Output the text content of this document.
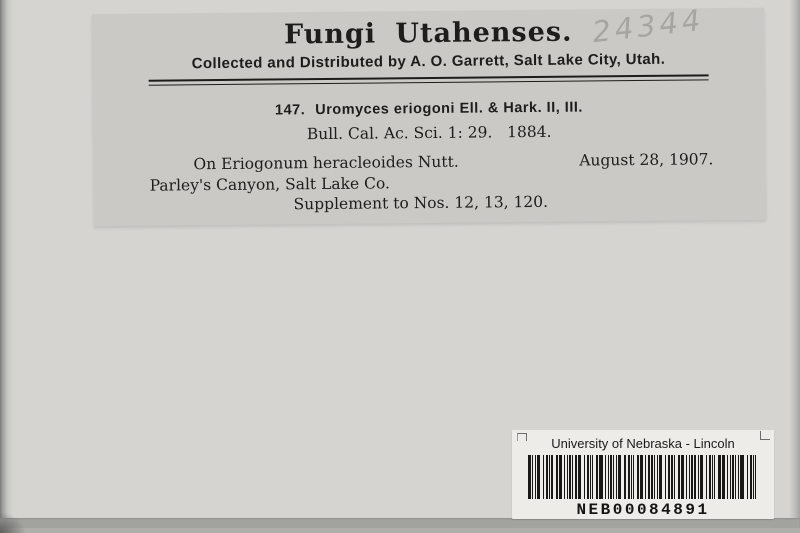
Fungi Utahenses. 24344
Collected and Distributed by A. O. Garrett, Salt Lake City, Utah.
147. Uromyces eriogoni Ell. & Hark. II, III.
Bull. Cal. Ac. Sci. 1: 29.   1884.
On Eriogonum heracleoides Nutt.	August 28, 1907.
Parley's Canyon, Salt Lake Co.
Supplement to Nos. 12, 13, 120.
University of Nebraska - Lincoln
NEB00084891
